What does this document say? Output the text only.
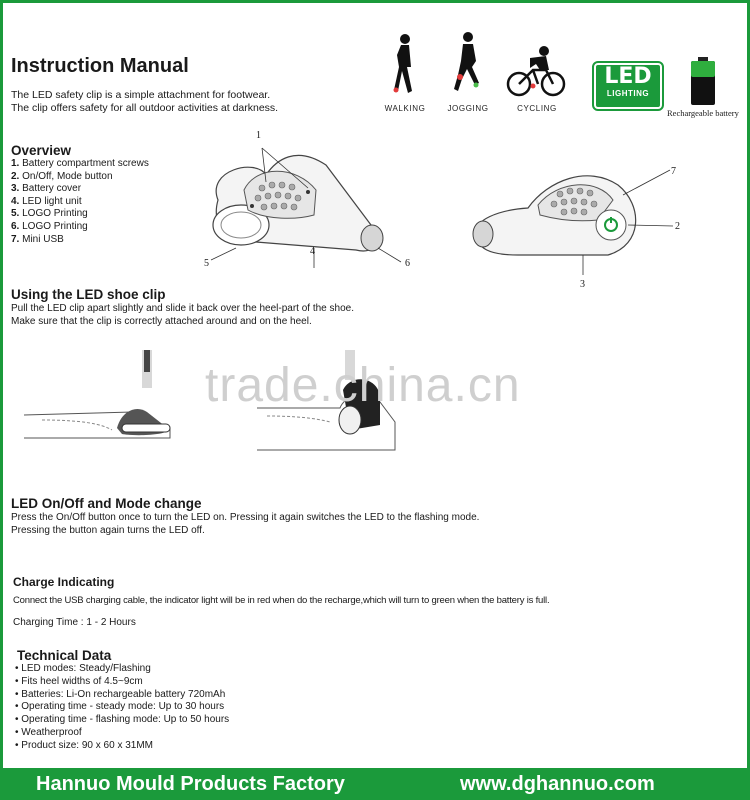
Instruction Manual
The LED safety clip is a simple attachment for footwear.
The clip offers safety for all outdoor activities at darkness.	WALKING	JOGGING	CYCLING
LED
LIGHTING
Rechargeable battery
Overview
1. Battery compartment screws
2. On/Off, Mode button
3. Battery cover
4. LED light unit
5. LOGO Printing
6. LOGO Printing
7. Mini USB
1
5
4
6
7
2
3
Using the LED shoe clip
Pull the LED clip apart slightly and slide it back over the heel-part of the shoe.
Make sure that the clip is correctly attached around and on the heel.
trade.china.cn
LED On/Off and Mode change
Press the On/Off button once to turn the LED on. Pressing it again switches the LED to the flashing mode.
Pressing the button again turns the LED off.
Charge Indicating
Connect the USB charging cable, the indicator light will be in red when do the recharge,which will turn to green when the battery is full.
Charging Time : 1 - 2 Hours
Technical Data
• LED modes: Steady/Flashing
• Fits heel widths of 4.5~9cm
• Batteries: Li-On rechargeable battery 720mAh
• Operating time - steady mode: Up to 30 hours
• Operating time - flashing mode: Up to 50 hours
• Weatherproof
• Product size: 90 x 60 x 31MM
Hannuo Mould Products Factory	www.dghannuo.com
